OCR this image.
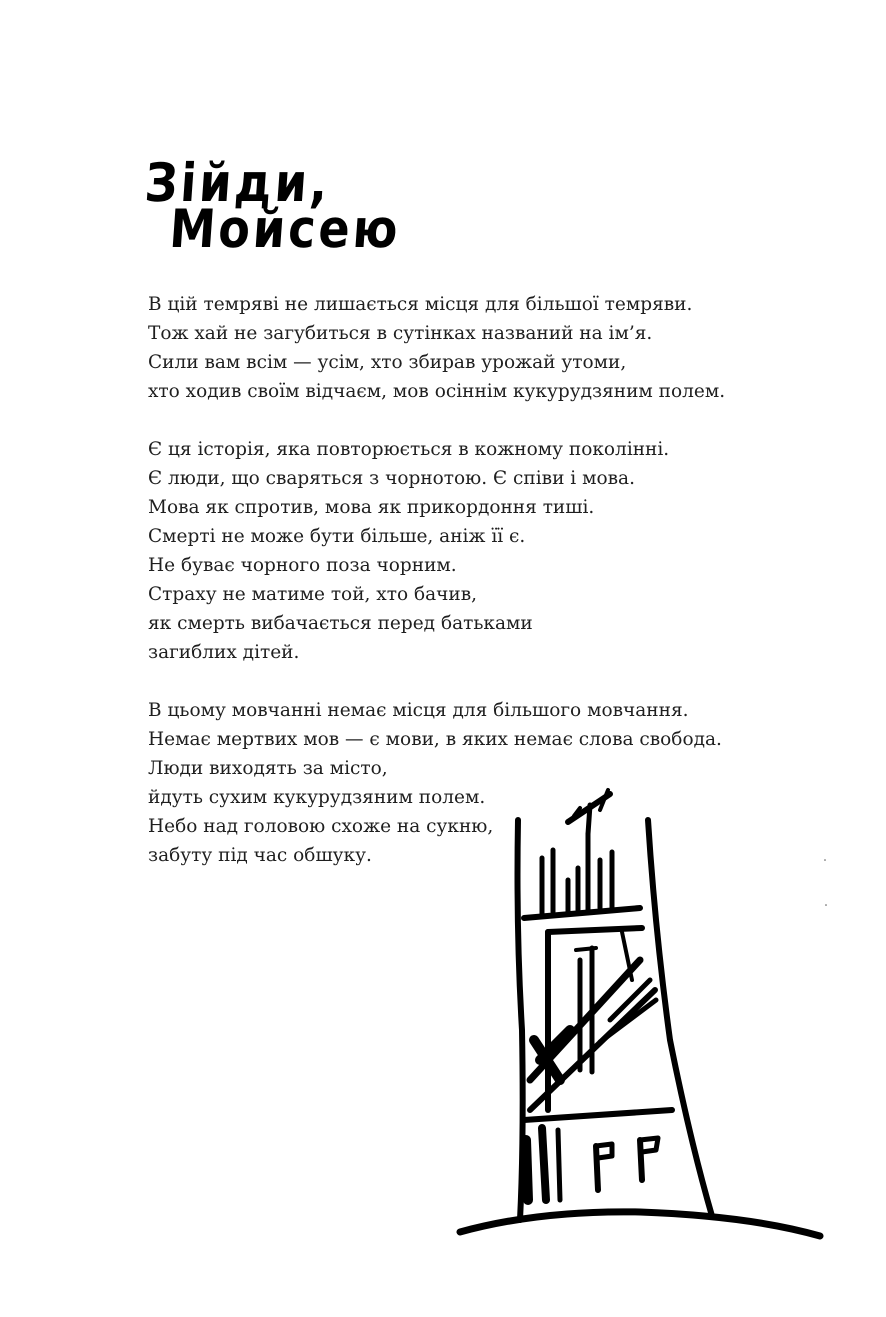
Зійди,Мойсею
В цій темряві не лишається місця для більшої темряви.
Тож хай не загубиться в сутінках названий на ім’я.
Сили вам всім — усім, хто збирав урожай утоми,
хто ходив своїм відчаєм, мов осіннім кукурудзяним полем.
Є ця історія, яка повторюється в кожному поколінні.
Є люди, що сваряться з чорнотою. Є співи і мова.
Мова як спротив, мова як прикордоння тиші.
Смерті не може бути більше, аніж її є.
Не буває чорного поза чорним.
Страху не матиме той, хто бачив,
як смерть вибачається перед батьками
загиблих дітей.
В цьому мовчанні немає місця для більшого мовчання.
Немає мертвих мов — є мови, в яких немає слова свобода.
Люди виходять за місто,
йдуть сухим кукурудзяним полем.
Небо над головою схоже на сукню,
забуту під час обшуку.
